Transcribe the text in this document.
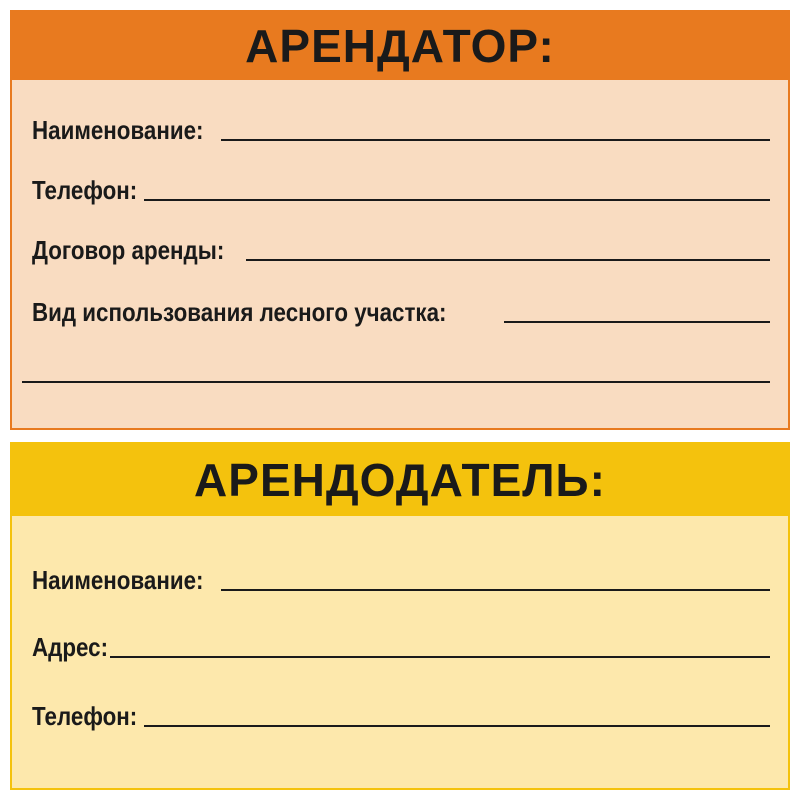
АРЕНДАТОР:
Наименование:
Телефон:
Договор аренды:
Вид использования лесного участка:
АРЕНДОДАТЕЛЬ:
Наименование:
Адрес:
Телефон:
